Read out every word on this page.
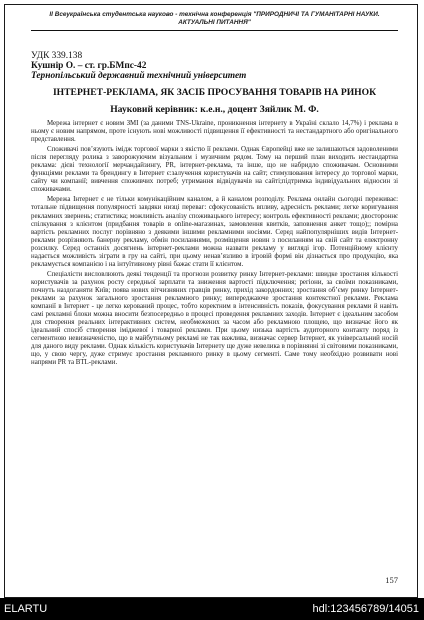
II Всеукраїнська студентська науково - технічна конференція "ПРИРОДНИЧІ ТА ГУМАНІТАРНІ НАУКИ.
АКТУАЛЬНІ ПИТАННЯ"
УДК 339.138
Кушнір О. – ст. гр.БМпс-42
Тернопільський державний технічний університет
ІНТЕРНЕТ-РЕКЛАМА, ЯК ЗАСІБ ПРОСУВАННЯ ТОВАРІВ НА РИНОК
Науковий керівник: к.е.н., доцент Зяйлик М. Ф.

Мережа інтернет є новим ЗМІ (за даними TNS-Ukraine, проникнення інтернету в Україні склало 14,7%) і реклама в ньому є новим напрямом, проте існують нові можливості підвищення її ефективності та нестандартного або оригінального представлення.

Споживачі пов’язують імідж торгової марки з якістю її реклами. Однак Європейці вже не залишаються задоволеними після перегляду ролика з заворожуючим візуальним і музичним рядом. Тому на перший план виходить нестандартна реклама: дієві технології мерчандайзингу, PR, інтернет-реклама, та інше, що не набридло споживачам. Основними функціями реклами та брендингу в Інтернет є:залучення користувачів на сайт; стимулювання інтересу до торгової марки, сайту чи компанії; вивчення споживчих потреб; утримання відвідувачів на сайті;підтримка індивідуальних відносин зі споживачами.

Мережа Інтернет є не тільки комунікаційним каналом, а й каналом розподілу. Реклама онлайн сьогодні переживає: тотальне підвищення популярності завдяки низці переваг: сфокусованість впливу, адресність реклами; легке коригування рекламних звернень; статистика; можливість аналізу споживацького інтересу; контроль ефективності реклами; двостороннє спілкування з клієнтом (придбання товарів в online-магазинах, замовлення квитків, заповнення анкет тощо);; помірна вартість рекламних послуг порівняно з деякими іншими рекламними носіями. Серед найпопулярніших видів Інтернет-реклами розрізняють банерну рекламу, обмін посиланнями, розміщення новин з посиланням на свій сайт та електронну розсилку. Серед останніх досягнень інтернет-реклами можна назвати рекламу у вигляді ігор. Потенційному клієнту надається можливість зіграти в гру на сайті, при цьому ненав’язливо в ігровій формі він дізнається про продукцію, яка рекламується компанією і на інтуїтивному рівні бажає стати її клієнтом.

Спеціалісти висловлюють деякі тенденції та прогнози розвитку ринку Інтернет-реклами: швидке зростання кількості користувачів за рахунок росту середньої зарплати та зниження вартості підключення; регіони, за своїми показниками, почнуть наздоганяти Київ; поява нових вітчизняних гравців ринку, прихід закордонних; зростання об’єму ринку Інтернет-реклами за рахунок загального зростання рекламного ринку; випереджаюче зростання контекстної реклами. Реклама компанії в Інтернет - це легко керований процес, тобто коректним в інтенсивність показів, фокусування реклами й навіть самі рекламні блоки можна вносити безпосередньо в процесі проведення рекламних заходів. Інтернет є ідеальним засобом для створення реальних інтерактивних систем, необмежених за часом або рекламною площею, що визначає його як ідеальний спосіб створення іміджевої і товарної реклами. При цьому низька вартість аудиторного контакту поряд із сегментною невизначеністю, що в майбутньому рекламі не так важлива, визначає сервер Інтернет, як універсальний носій для даного виду реклами. Однак кількість користувачів Інтернету ще дуже невелика в порівнянні зі світовими показниками, що, у свою чергу, дуже стримує зростання рекламного ринку в цьому сегменті. Саме тому необхідно розвивати нові напрями PR та BTL-реклами.

157
ELARTU	hdl:123456789/14051
